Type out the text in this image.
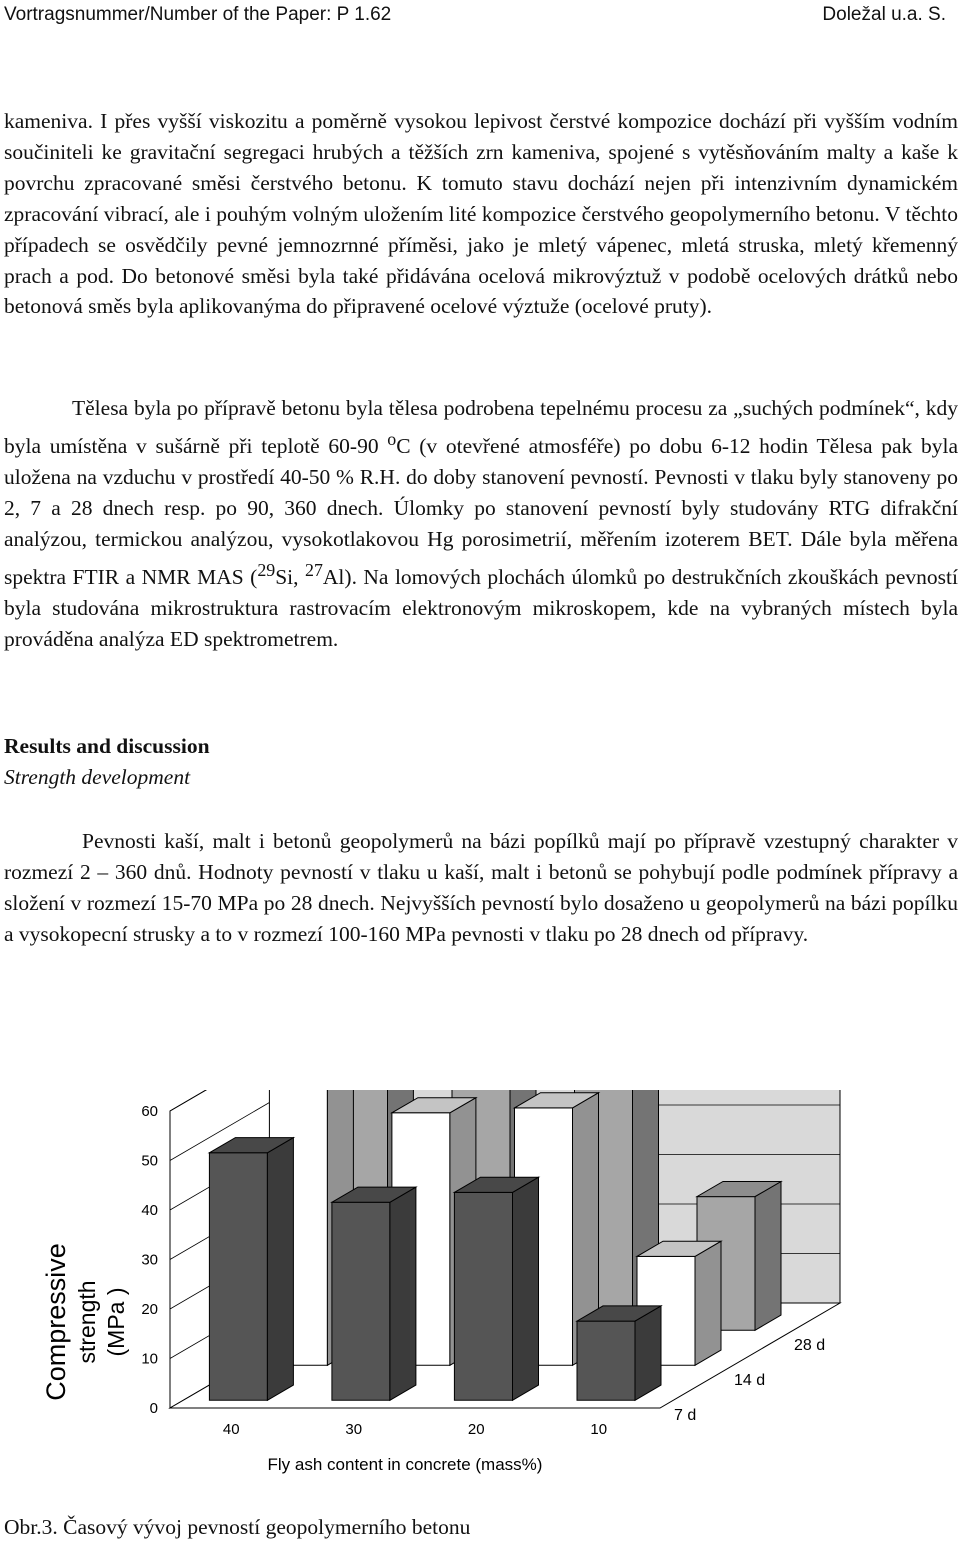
Vortragsnummer/Number of the Paper: P 1.62	Doležal u.a. S.

kameniva. I přes vyšší viskozitu a poměrně vysokou lepivost čerstvé kompozice dochází při vyšším vodním součiniteli ke gravitační segregaci hrubých a těžších zrn kameniva, spojené s vytěsňováním malty a kaše k povrchu zpracované směsi čerstvého betonu. K tomuto stavu dochází nejen při intenzivním dynamickém zpracování vibrací, ale i pouhým volným uložením lité kompozice čerstvého geopolymerního betonu. V těchto případech se osvědčily pevné jemnozrnné příměsi, jako je mletý vápenec, mletá struska, mletý křemenný prach a pod. Do betonové směsi byla také přidávána ocelová mikrovýztuž v podobě ocelových drátků nebo betonová směs byla aplikovanýma do připravené ocelové výztuže (ocelové pruty).

Tělesa byla po přípravě betonu byla tělesa podrobena tepelnému procesu za „suchých podmínek“, kdy byla umístěna v sušárně při teplotě 60-90 $^o$C (v otevřené atmosféře) po dobu 6-12 hodin Tělesa pak byla uložena na vzduchu v prostředí 40-50 % R.H. do doby stanovení pevností. Pevnosti v tlaku byly stanoveny po 2, 7 a 28 dnech resp. po 90, 360 dnech. Úlomky po stanovení pevností byly studovány RTG difrakční analýzou, termickou analýzou, vysokotlakovou Hg porosimetrií, měřením izoterem BET. Dále byla měřena spektra FTIR a NMR MAS ($^{29}$Si, $^{27}$Al). Na lomových plochách úlomků po destrukčních zkouškách pevností byla studována mikrostruktura rastrovacím elektronovým mikroskopem, kde na vybraných místech byla prováděna analýza ED spektrometrem.

Results and discussion
Strength development

Pevnosti kaší, malt i betonů geopolymerů na bázi popílků mají po přípravě vzestupný charakter v rozmezí 2 – 360 dnů. Hodnoty pevností v tlaku u kaší, malt i betonů se pohybují podle podmínek přípravy a složení v rozmezí 15-70 MPa po 28 dnech. Nejvyšších pevností bylo dosaženo u geopolymerů na bázi popílku a vysokopecní strusky a to v rozmezí 100-160 MPa pevnosti v tlaku po 28 dnech od přípravy.

0
10
20
30
40
50
60
Compressive strength (MPa )
40	30	20	10
Fly ash content in concrete (mass%)
7 d
14 d
28 d
Obr.3. Časový vývoj pevností geopolymerního betonu
